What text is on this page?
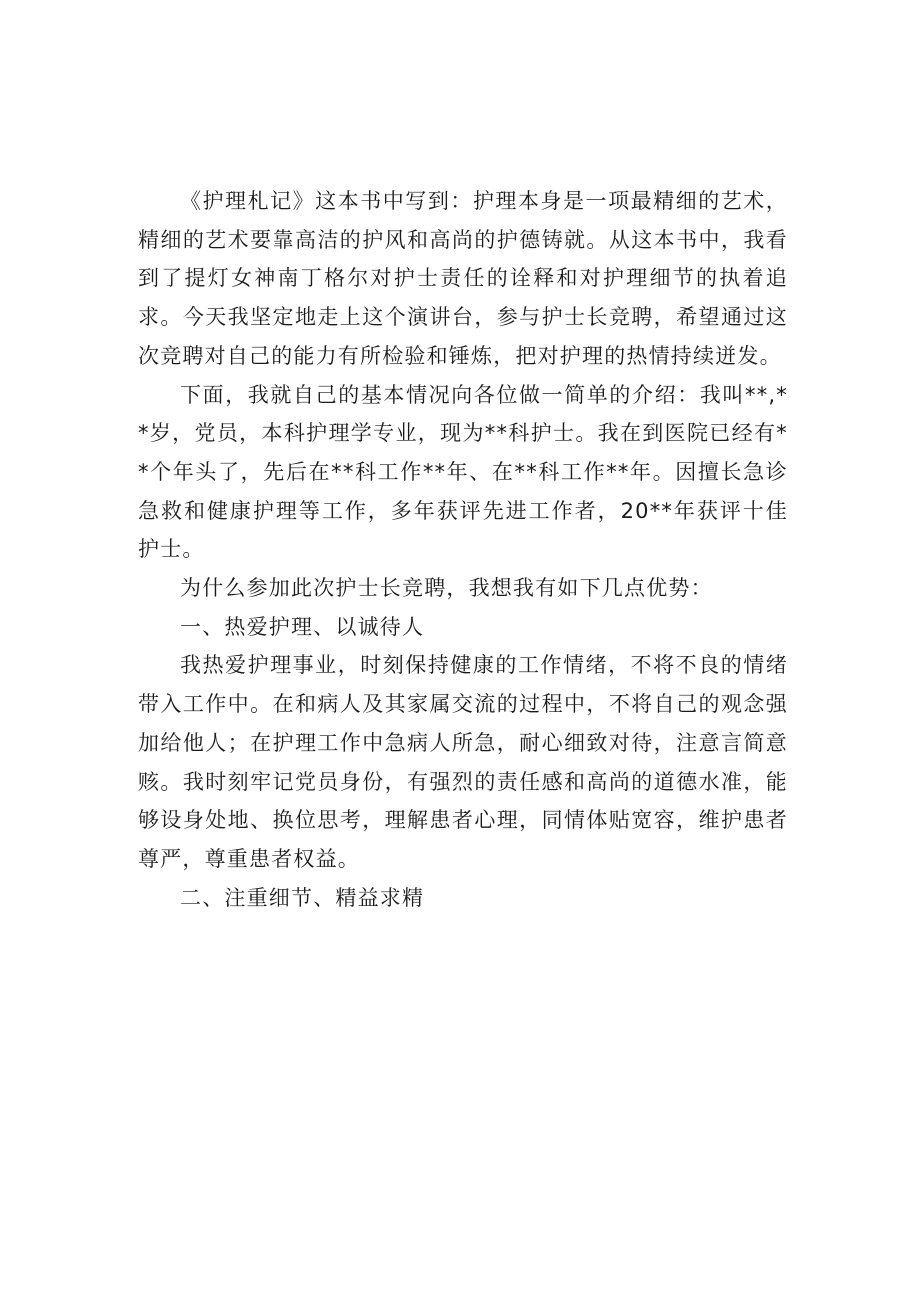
《护理札记》这本书中写到：护理本身是一项最精细的艺术，精细的艺术要靠高洁的护风和高尚的护德铸就。从这本书中，我看到了提灯女神南丁格尔对护士责任的诠释和对护理细节的执着追求。今天我坚定地走上这个演讲台，参与护士长竞聘，希望通过这次竞聘对自己的能力有所检验和锤炼，把对护理的热情持续迸发。

下面，我就自己的基本情况向各位做一简单的介绍：我叫**,**岁，党员，本科护理学专业，现为**科护士。我在到医院已经有**个年头了，先后在**科工作**年、在**科工作**年。因擅长急诊急救和健康护理等工作，多年获评先进工作者，20**年获评十佳护士。

为什么参加此次护士长竞聘，我想我有如下几点优势：

一、热爱护理、以诚待人

我热爱护理事业，时刻保持健康的工作情绪，不将不良的情绪带入工作中。在和病人及其家属交流的过程中，不将自己的观念强加给他人；在护理工作中急病人所急，耐心细致对待，注意言简意赅。我时刻牢记党员身份，有强烈的责任感和高尚的道德水准，能够设身处地、换位思考，理解患者心理，同情体贴宽容，维护患者尊严，尊重患者权益。

二、注重细节、精益求精
